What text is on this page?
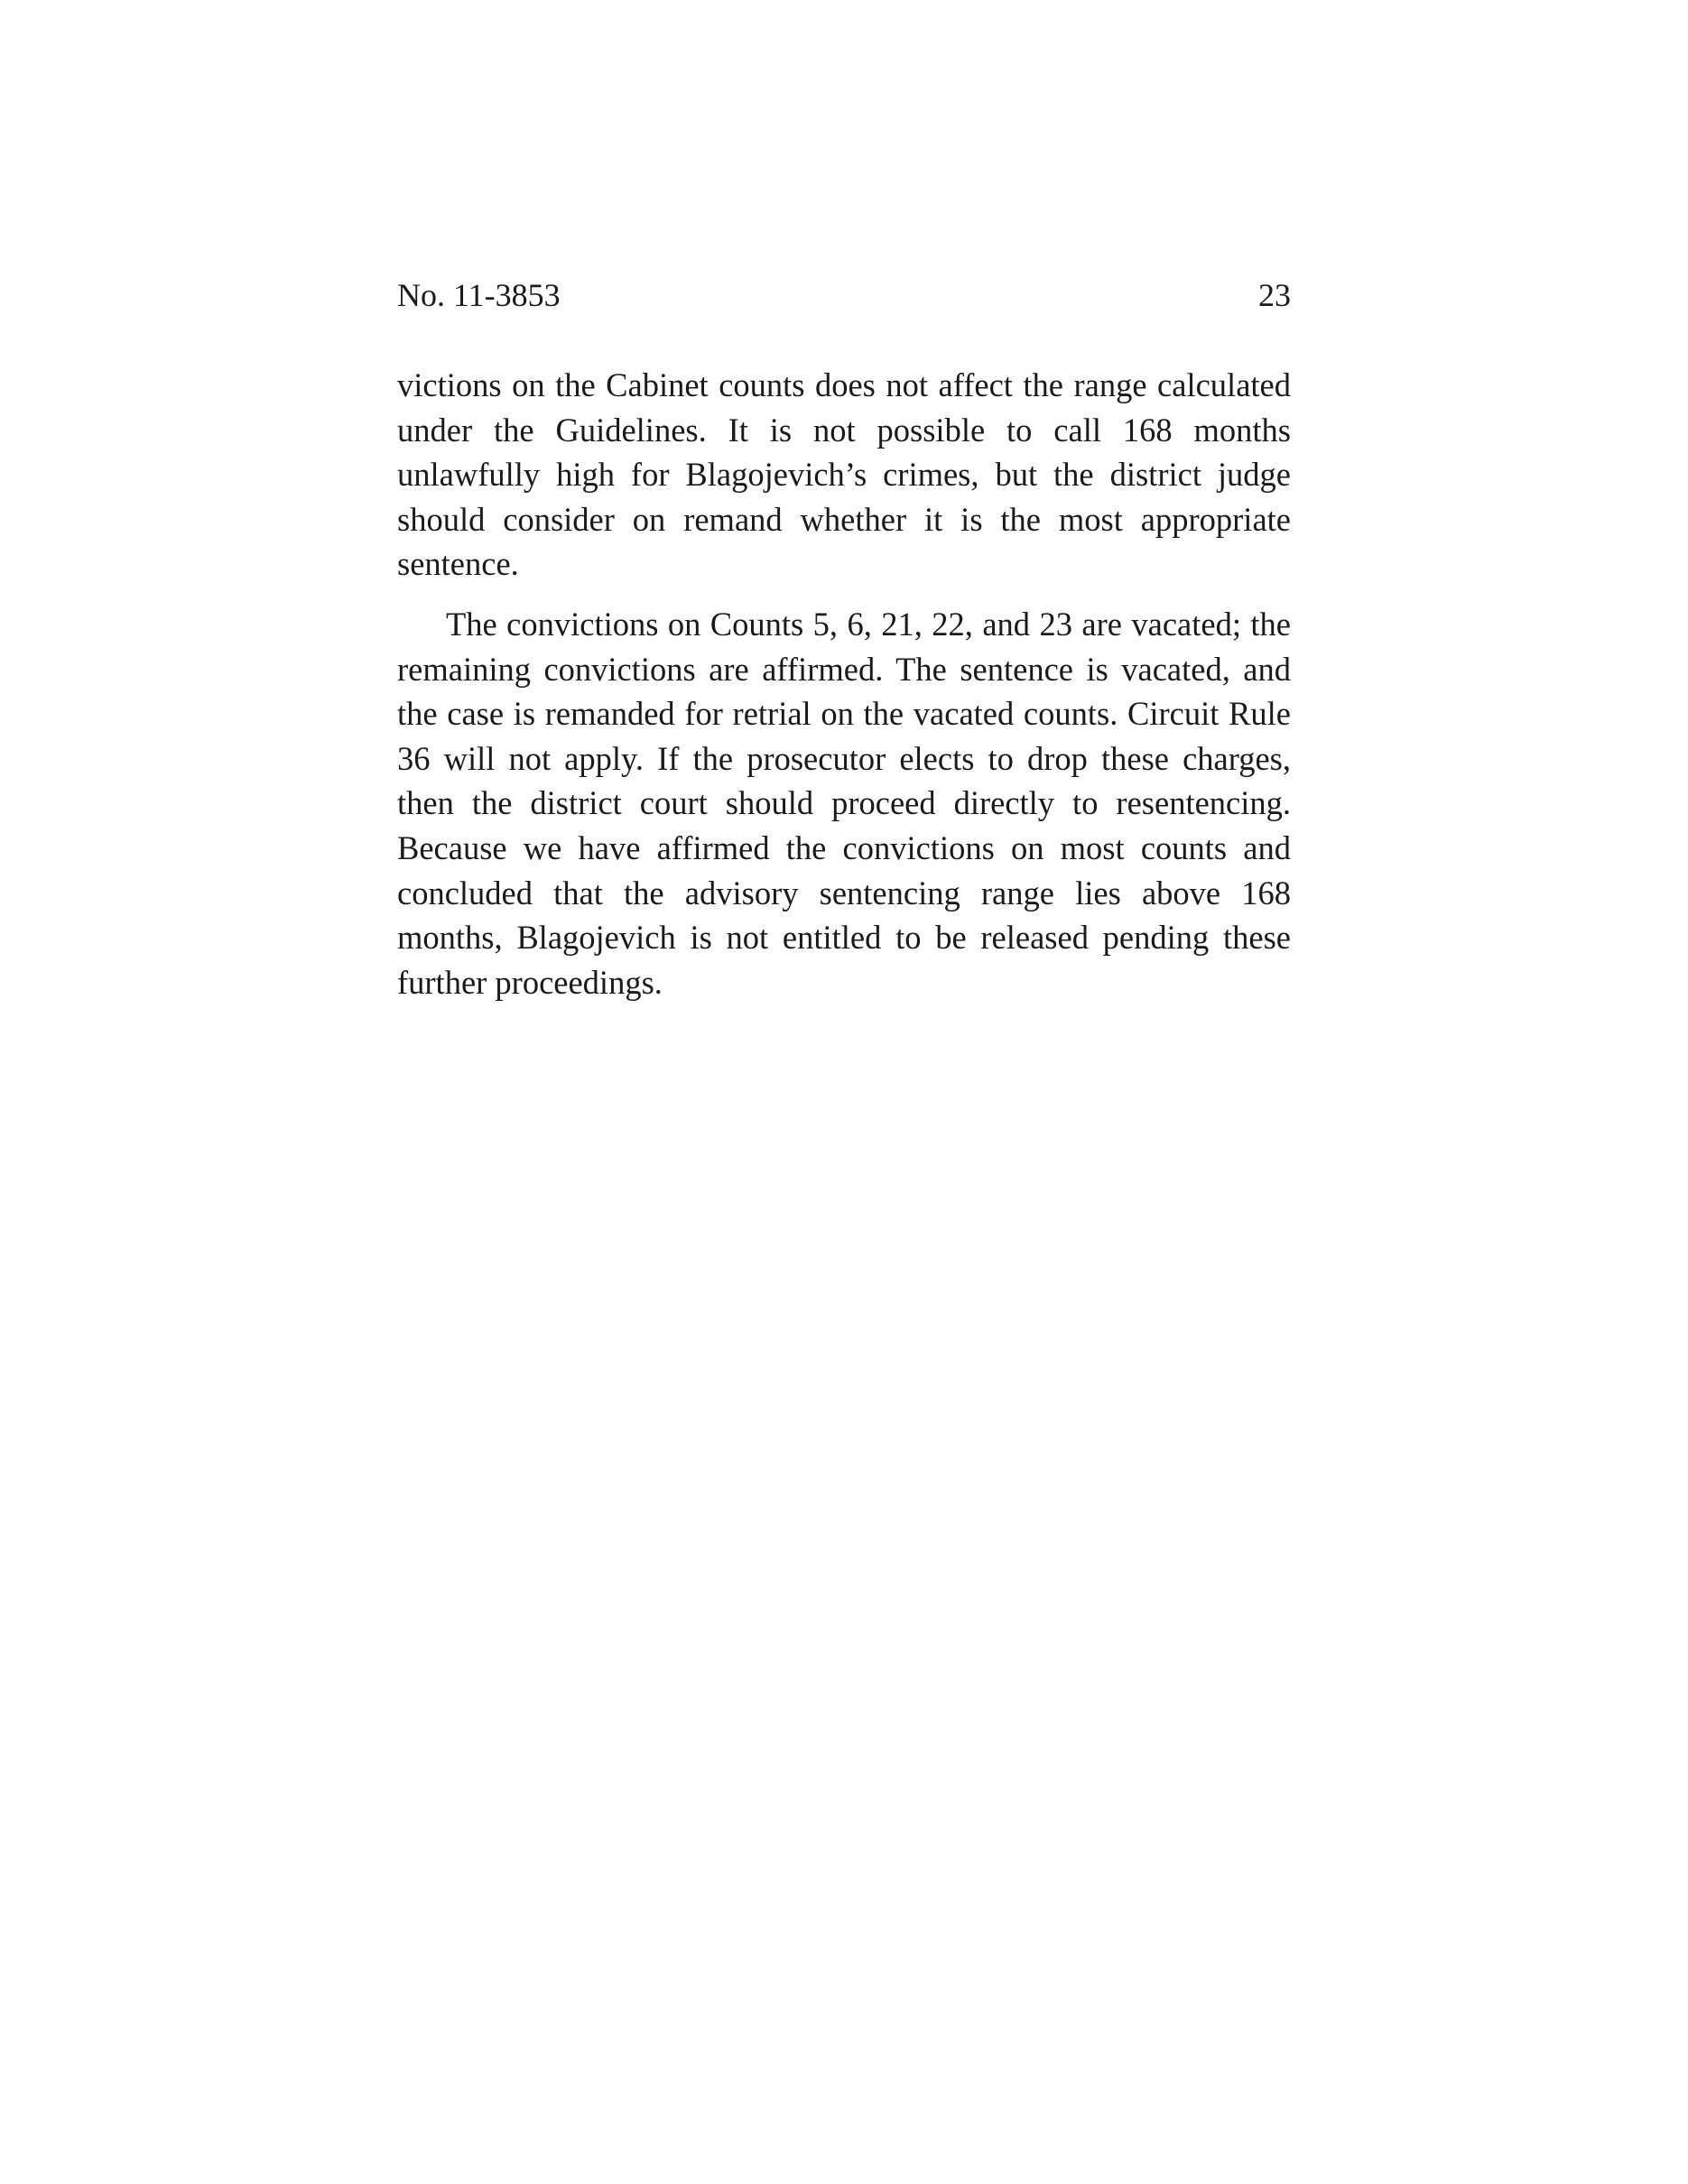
No. 11-3853	23

victions on the Cabinet counts does not affect the range calculated under the Guidelines. It is not possible to call 168 months unlawfully high for Blagojevich’s crimes, but the district judge should consider on remand whether it is the most appropriate sentence.

The convictions on Counts 5, 6, 21, 22, and 23 are vacated; the remaining convictions are affirmed. The sentence is vacated, and the case is remanded for retrial on the vacated counts. Circuit Rule 36 will not apply. If the prosecutor elects to drop these charges, then the district court should proceed directly to resentencing. Because we have affirmed the convictions on most counts and concluded that the advisory sentencing range lies above 168 months, Blagojevich is not entitled to be released pending these further proceedings.
